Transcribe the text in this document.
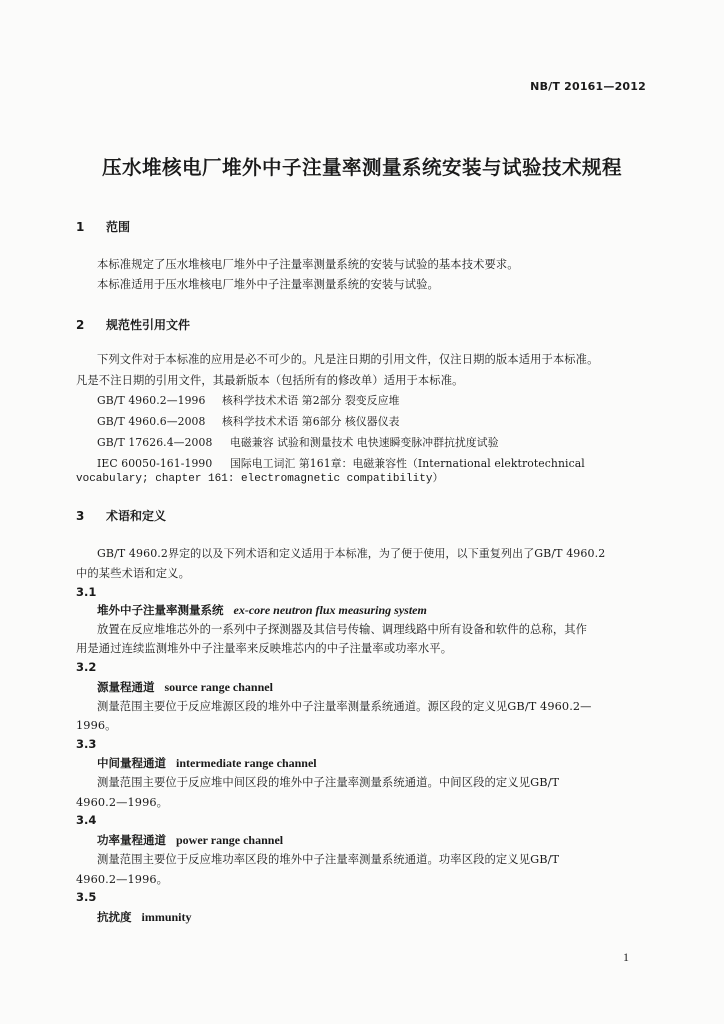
NB/T 20161—2012
压水堆核电厂堆外中子注量率测量系统安装与试验技术规程
1 范围
本标准规定了压水堆核电厂堆外中子注量率测量系统的安装与试验的基本技术要求。
本标准适用于压水堆核电厂堆外中子注量率测量系统的安装与试验。
2 规范性引用文件
下列文件对于本标准的应用是必不可少的。凡是注日期的引用文件，仅注日期的版本适用于本标准。
凡是不注日期的引用文件，其最新版本（包括所有的修改单）适用于本标准。
GB/T 4960.2—1996 核科学技术术语 第2部分 裂变反应堆
GB/T 4960.6—2008 核科学技术术语 第6部分 核仪器仪表
GB/T 17626.4—2008 电磁兼容 试验和测量技术 电快速瞬变脉冲群抗扰度试验
IEC 60050-161-1990 国际电工词汇 第161章：电磁兼容性（International elektrotechnical
vocabulary; chapter 161: electromagnetic compatibility）
3 术语和定义
GB/T 4960.2界定的以及下列术语和定义适用于本标准，为了便于使用，以下重复列出了GB/T 4960.2
中的某些术语和定义。
3.1
堆外中子注量率测量系统 ex-core neutron flux measuring system
放置在反应堆堆芯外的一系列中子探测器及其信号传输、调理线路中所有设备和软件的总称，其作
用是通过连续监测堆外中子注量率来反映堆芯内的中子注量率或功率水平。
3.2
源量程通道 source range channel
测量范围主要位于反应堆源区段的堆外中子注量率测量系统通道。源区段的定义见GB/T 4960.2—
1996。
3.3
中间量程通道 intermediate range channel
测量范围主要位于反应堆中间区段的堆外中子注量率测量系统通道。中间区段的定义见GB/T
4960.2—1996。
3.4
功率量程通道 power range channel
测量范围主要位于反应堆功率区段的堆外中子注量率测量系统通道。功率区段的定义见GB/T
4960.2—1996。
3.5
抗扰度 immunity
1
